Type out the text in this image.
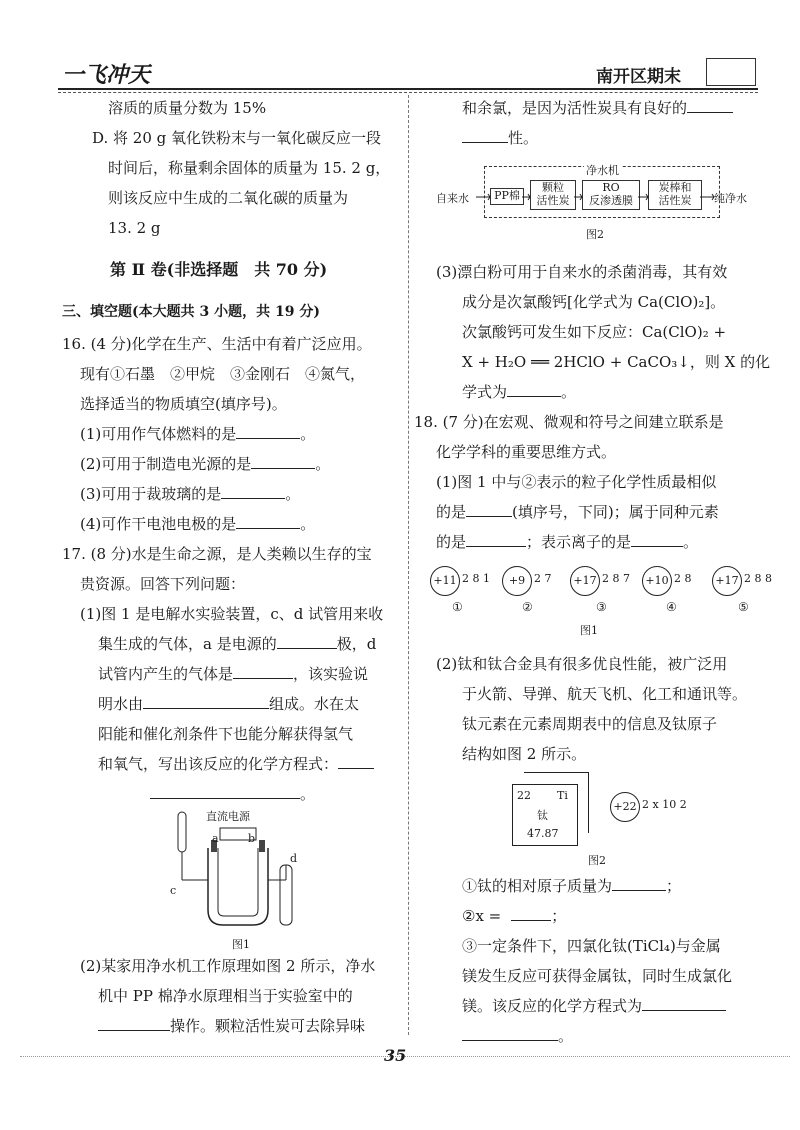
一飞冲天	南开区期末
溶质的质量分数为 15%
D. 将 20 g 氧化铁粉末与一氧化碳反应一段
时间后，称量剩余固体的质量为 15. 2 g，
则该反应中生成的二氧化碳的质量为
13. 2 g
第 Ⅱ 卷(非选择题　共 70 分)
三、填空题(本大题共 3 小题，共 19 分)
16. (4 分)化学在生产、生活中有着广泛应用。
现有①石墨　②甲烷　③金刚石　④氮气，
选择适当的物质填空(填序号)。
(1)可用作气体燃料的是	。
(2)可用于制造电光源的是	。
(3)可用于裁玻璃的是	。
(4)可作干电池电极的是	。
17. (8 分)水是生命之源，是人类赖以生存的宝
贵资源。回答下列问题：
(1)图 1 是电解水实验装置，c、d 试管用来收
集生成的气体，a 是电源的	极，d
试管内产生的气体是	，该实验说
明水由	组成。水在太
阳能和催化剂条件下也能分解获得氢气
和氧气，写出该反应的化学方程式：
。
直流电源
a	b
c
d
图1
(2)某家用净水机工作原理如图 2 所示，净水
机中 PP 棉净水原理相当于实验室中的
操作。颗粒活性炭可去除异味
和余氯，是因为活性炭具有良好的
性。
净水机
自来水	PP棉
颗粒
活性炭
RO
反渗透膜
炭棒和
活性炭	纯净水
图2
(3)漂白粉可用于自来水的杀菌消毒，其有效
成分是次氯酸钙[化学式为 Ca(ClO)₂]。
次氯酸钙可发生如下反应：Ca(ClO)₂ +
X + H₂O ══ 2HClO + CaCO₃↓，则 X 的化
学式为	。
18. (7 分)在宏观、微观和符号之间建立联系是
化学学科的重要思维方式。
(1)图 1 中与②表示的粒子化学性质最相似
的是	(填序号，下同)；属于同种元素
的是	；表示离子的是	。
+11 2 8 1
①
+9 2 7
②
+17 2 8 7
③
+10 2 8
④
+17 2 8 8
⑤
图1
(2)钛和钛合金具有很多优良性能，被广泛用
于火箭、导弹、航天飞机、化工和通讯等。
钛元素在元素周期表中的信息及钛原子
结构如图 2 所示。
22 Ti
钛
47.87
+22 2 x 10 2
图2
①钛的相对原子质量为	；
②x =	；
③一定条件下，四氯化钛(TiCl₄)与金属
镁发生反应可获得金属钛，同时生成氯化
镁。该反应的化学方程式为
。
35
